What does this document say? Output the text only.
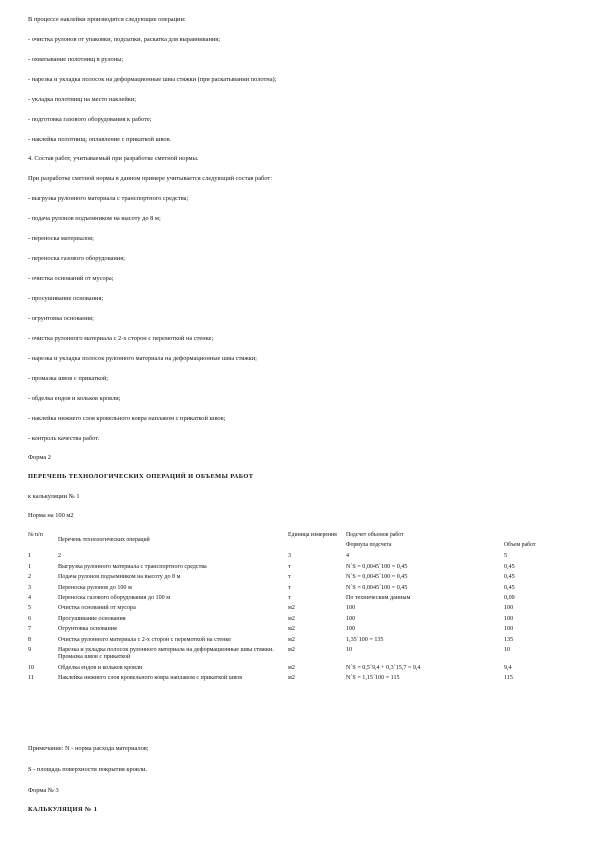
В процессе наклейки производятся следующие операции:
- очистка рулонов от упаковки, подсыпки, раскатка для выравнивания;
- охватывание полотнищ в рулоны;
- нарезка и укладка полосок на деформационные швы стяжки (при раскатывании полотна);
- укладка полотнищ на место наклейки;
- подготовка газового оборудования к работе;
- наклейка полотнищ; оплавление с прикаткой швов.
4. Состав работ, учитываемый при разработке сметной нормы.
При разработке сметной нормы в данном примере учитывается следующий состав работ:
- выгрузка рулонного материала с транспортного средства;
- подача рулонов подъемником на высоту до 8 м;
- перенoска материалов;
- переноска газового оборудования;
- очистка оснований от мусора;
- просушивание основания;
- огрунтовка основания;
- очистка рулонного материала с 2-х сторон с перемоткой на стенке;
- нарезка и укладка полосок рулонного материала на деформационные швы стяжки;
- промазка швов с прикаткой;
- обделка ендов и кольков кровли;
- наклейка нижнего слоя кровельного ковра наплавом с прикаткой швов;
- контроль качества работ.
Форма 2
ПЕРЕЧЕНЬ ТЕХНОЛОГИЧЕСКИХ ОПЕРАЦИЙ И ОБЪЕМЫ РАБОТ
к калькуляции № 1
Норма на 100 м2
№ п/п	Перечень технологических операций	Единица измерения	Подсчет объемов работ	
			Формула подсчета	Объем работ
1	2	3	4	5
1	Выгрузка рулонного материала с транспортного средства	т	N´S = 0,0045´100 = 0,45	0,45
2	Подача рулонов подъемником на высоту до 8 м	т	N´S = 0,0045´100 = 0,45	0,45
3	Переноска рулонов до 100 м	т	N´S = 0,0045´100 = 0,45	0,45
4	Переноска газового оборудования до 100 м	т	По техническим данным	0,09
5	Очистка оснований от мусора	м2	100	100
6	Просушивание основания	м2	100	100
7	Огрунтовка основания	м2	100	100
8	Очистка рулонного материала с 2-х сторон с перемоткой на стенке	м2	1,35´100 = 135	135
9	Нарезка и укладка полосок рулонного материала на деформационные швы стяжки. Промазка швов с прикаткой	м2	10	10
10	Обделка ендов и кольков кровли	м2	N´S = 0,5´9,4 + 0,3´15,7 = 9,4	9,4
11	Наклейка нижнего слоя кровельного ковра наплавом с прикаткой швов	м2	N´S = 1,15´100 = 115	115
Примечание: N - норма расхода материалов;
S - площадь поверхности покрытия кровли.
Форма № 3
КАЛЬКУЛЯЦИЯ № 1
